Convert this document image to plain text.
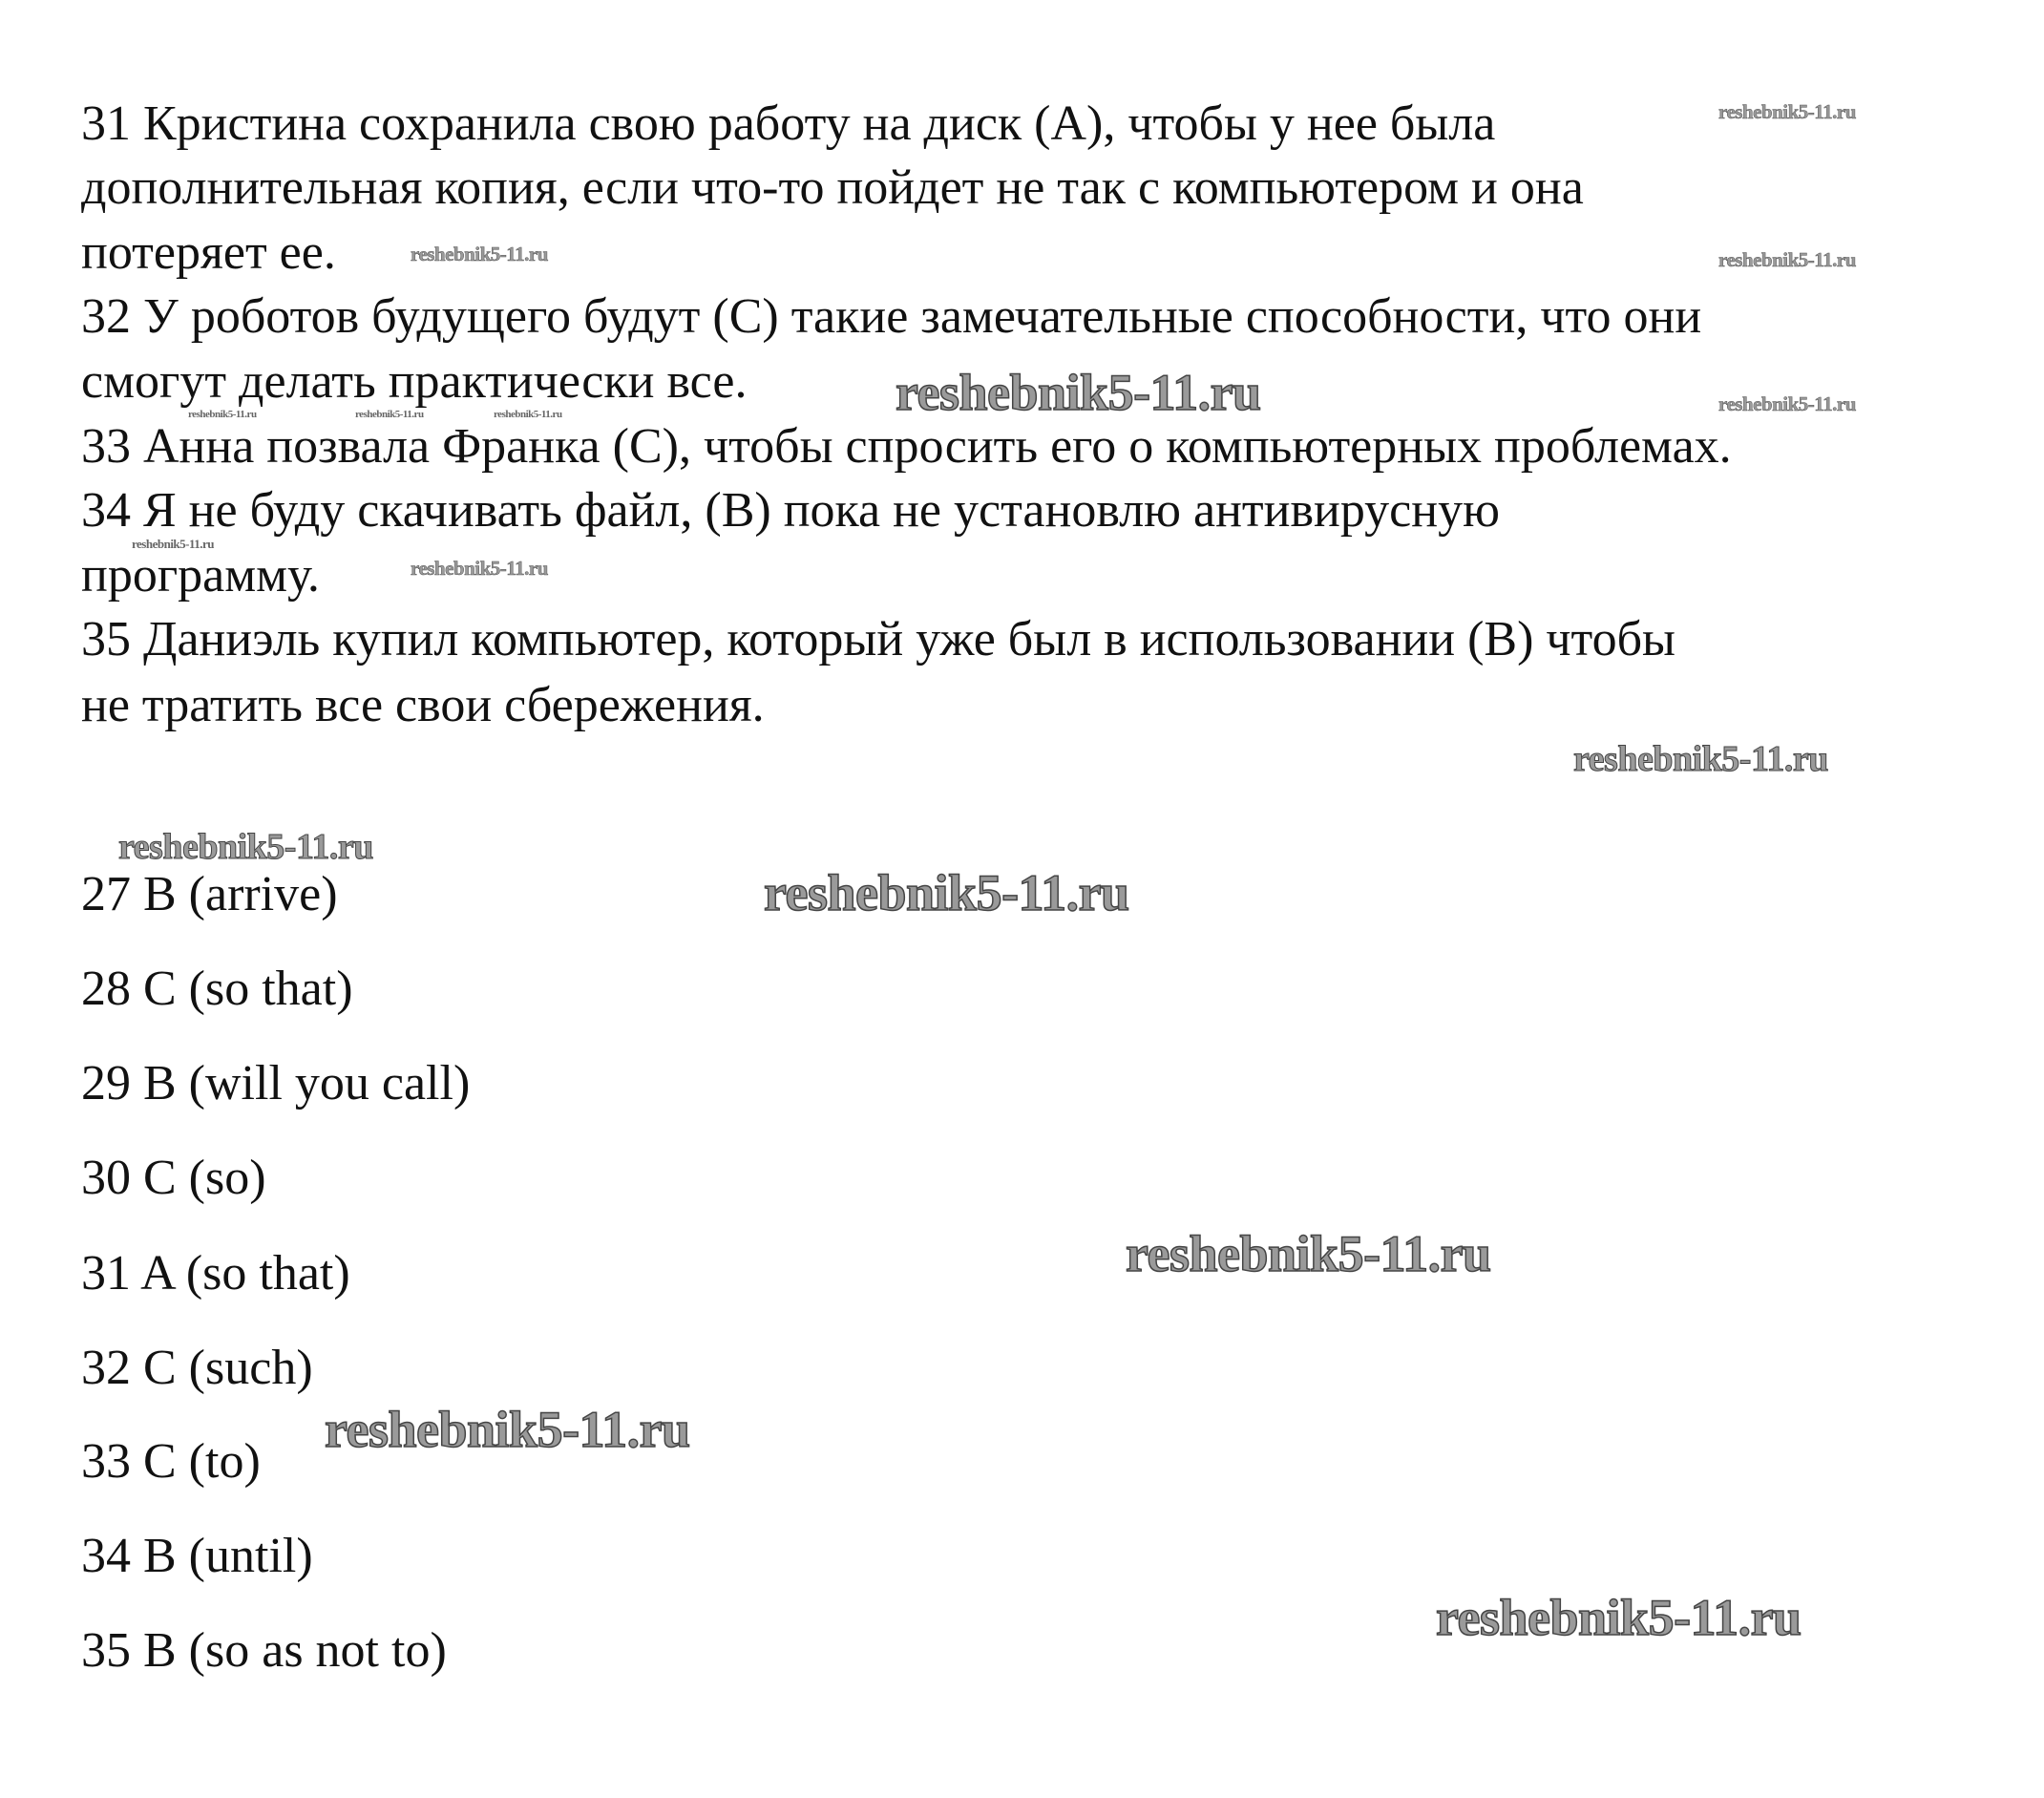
31 Кристина сохранила свою работу на диск (А), чтобы у нее была
дополнительная копия, если что-то пойдет не так с компьютером и она
потеряет ее.
32 У роботов будущего будут (С) такие замечательные способности, что они
смогут делать практически все.
33 Анна позвала Франка (С), чтобы спросить его о компьютерных проблемах.
34 Я не буду скачивать файл, (В) пока не установлю антивирусную
программу.
35 Даниэль купил компьютер, который уже был в использовании (В) чтобы
не тратить все свои сбережения.
27 B (arrive)
28 C (so that)
29 B (will you call)
30 C (so)
31 A (so that)
32 C (such)
33 C (to)
34 B (until)
35 B (so as not to)
reshebnik5-11.ru
reshebnik5-11.ru	reshebnik5-11.ru
reshebnik5-11.ru	reshebnik5-11.ru
reshebnik5-11.ru	reshebnik5-11.ru	reshebnik5-11.ru
reshebnik5-11.ru
reshebnik5-11.ru
reshebnik5-11.ru
reshebnik5-11.ru
reshebnik5-11.ru
reshebnik5-11.ru
reshebnik5-11.ru
reshebnik5-11.ru
